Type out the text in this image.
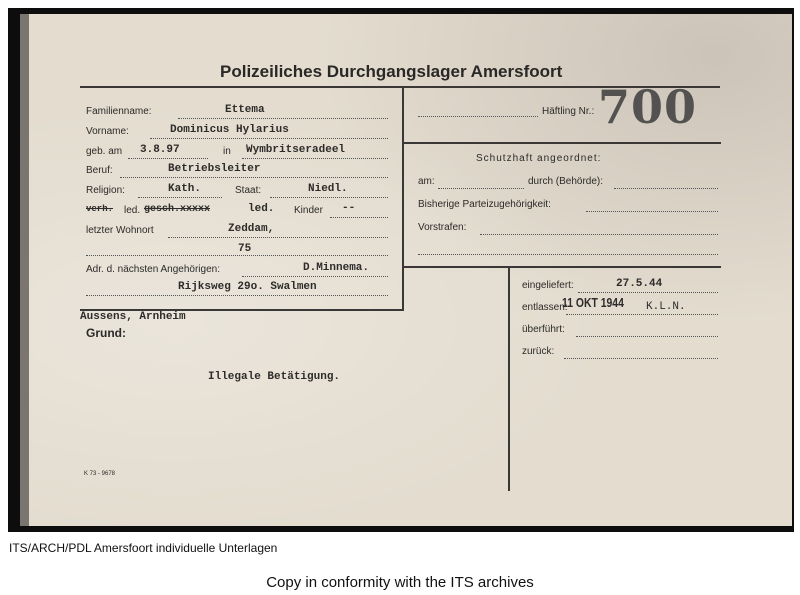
Polizeiliches Durchgangslager Amersfoort
Familienname:	Ettema
Vorname:	Dominicus Hylarius
geb. am 3.8.97	in Wymbritseradeel
Beruf:	Betriebsleiter
Religion:	Kath.	Staat:	Niedl.
verh. led. gesch.xxxxx	led. Kinder --
letzter Wohnort	Zeddam,
75
Adr. d. nächsten Angehörigen:	D.Minnema.
Rijksweg 29o. Swalmen
Aussens, Arnheim
Grund:
Illegale Betätigung.
K 73 - 9678
Häftling Nr.: 700
Schutzhaft angeordnet:
am:	durch (Behörde):
Bisherige Parteizugehörigkeit:
Vorstrafen:
eingeliefert:	27.5.44
entlassen:
11 OKT 1944 K.L.N.
überführt:
zurück:
ITS/ARCH/PDL Amersfoort individuelle Unterlagen
Copy in conformity with the ITS archives
